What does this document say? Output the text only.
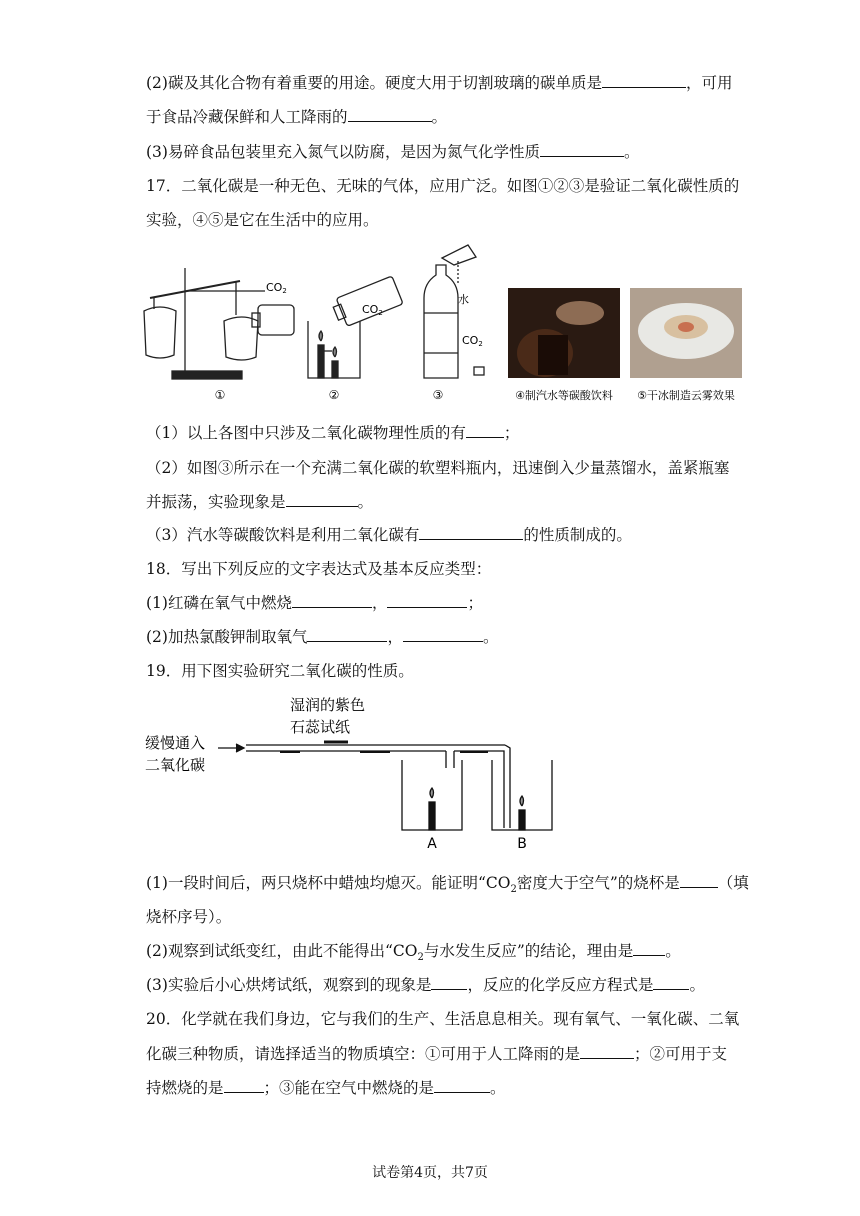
(2)碳及其化合物有着重要的用途。硬度大用于切割玻璃的碳单质是	，可用
于食品冷藏保鲜和人工降雨的	。
(3)易碎食品包装里充入氮气以防腐，是因为氮气化学性质	。
17．二氧化碳是一种无色、无味的气体，应用广泛。如图①②③是验证二氧化碳性质的
实验，④⑤是它在生活中的应用。
CO2
CO2
水
CO2
①	②	③	④制汽水等碳酸饮料 ⑤干冰制造云雾效果
（1）以上各图中只涉及二氧化碳物理性质的有 ；
（2）如图③所示在一个充满二氧化碳的软塑料瓶内，迅速倒入少量蒸馏水，盖紧瓶塞
并振荡，实验现象是	。
（3）汽水等碳酸饮料是利用二氧化碳有	的性质制成的。
18．写出下列反应的文字表达式及基本反应类型：
(1)红磷在氧气中燃烧	，	；
(2)加热氯酸钾制取氧气	，	。
19．用下图实验研究二氧化碳的性质。
缓慢通入
二氧化碳
湿润的紫色
石蕊试纸
A	B
(1)一段时间后，两只烧杯中蜡烛均熄灭。能证明“$CO_2$密度大于空气”的烧杯是 （填
烧杯序号）。
(2)观察到试纸变红，由此不能得出“$CO_2$与水发生反应”的结论，理由是 。
(3)实验后小心烘烤试纸，观察到的现象是 ，反应的化学反应方程式是 。
20．化学就在我们身边，它与我们的生产、生活息息相关。现有氧气、一氧化碳、二氧
化碳三种物质，请选择适当的物质填空：①可用于人工降雨的是	；②可用于支
持燃烧的是	；③能在空气中燃烧的是	。
试卷第4页，共7页
